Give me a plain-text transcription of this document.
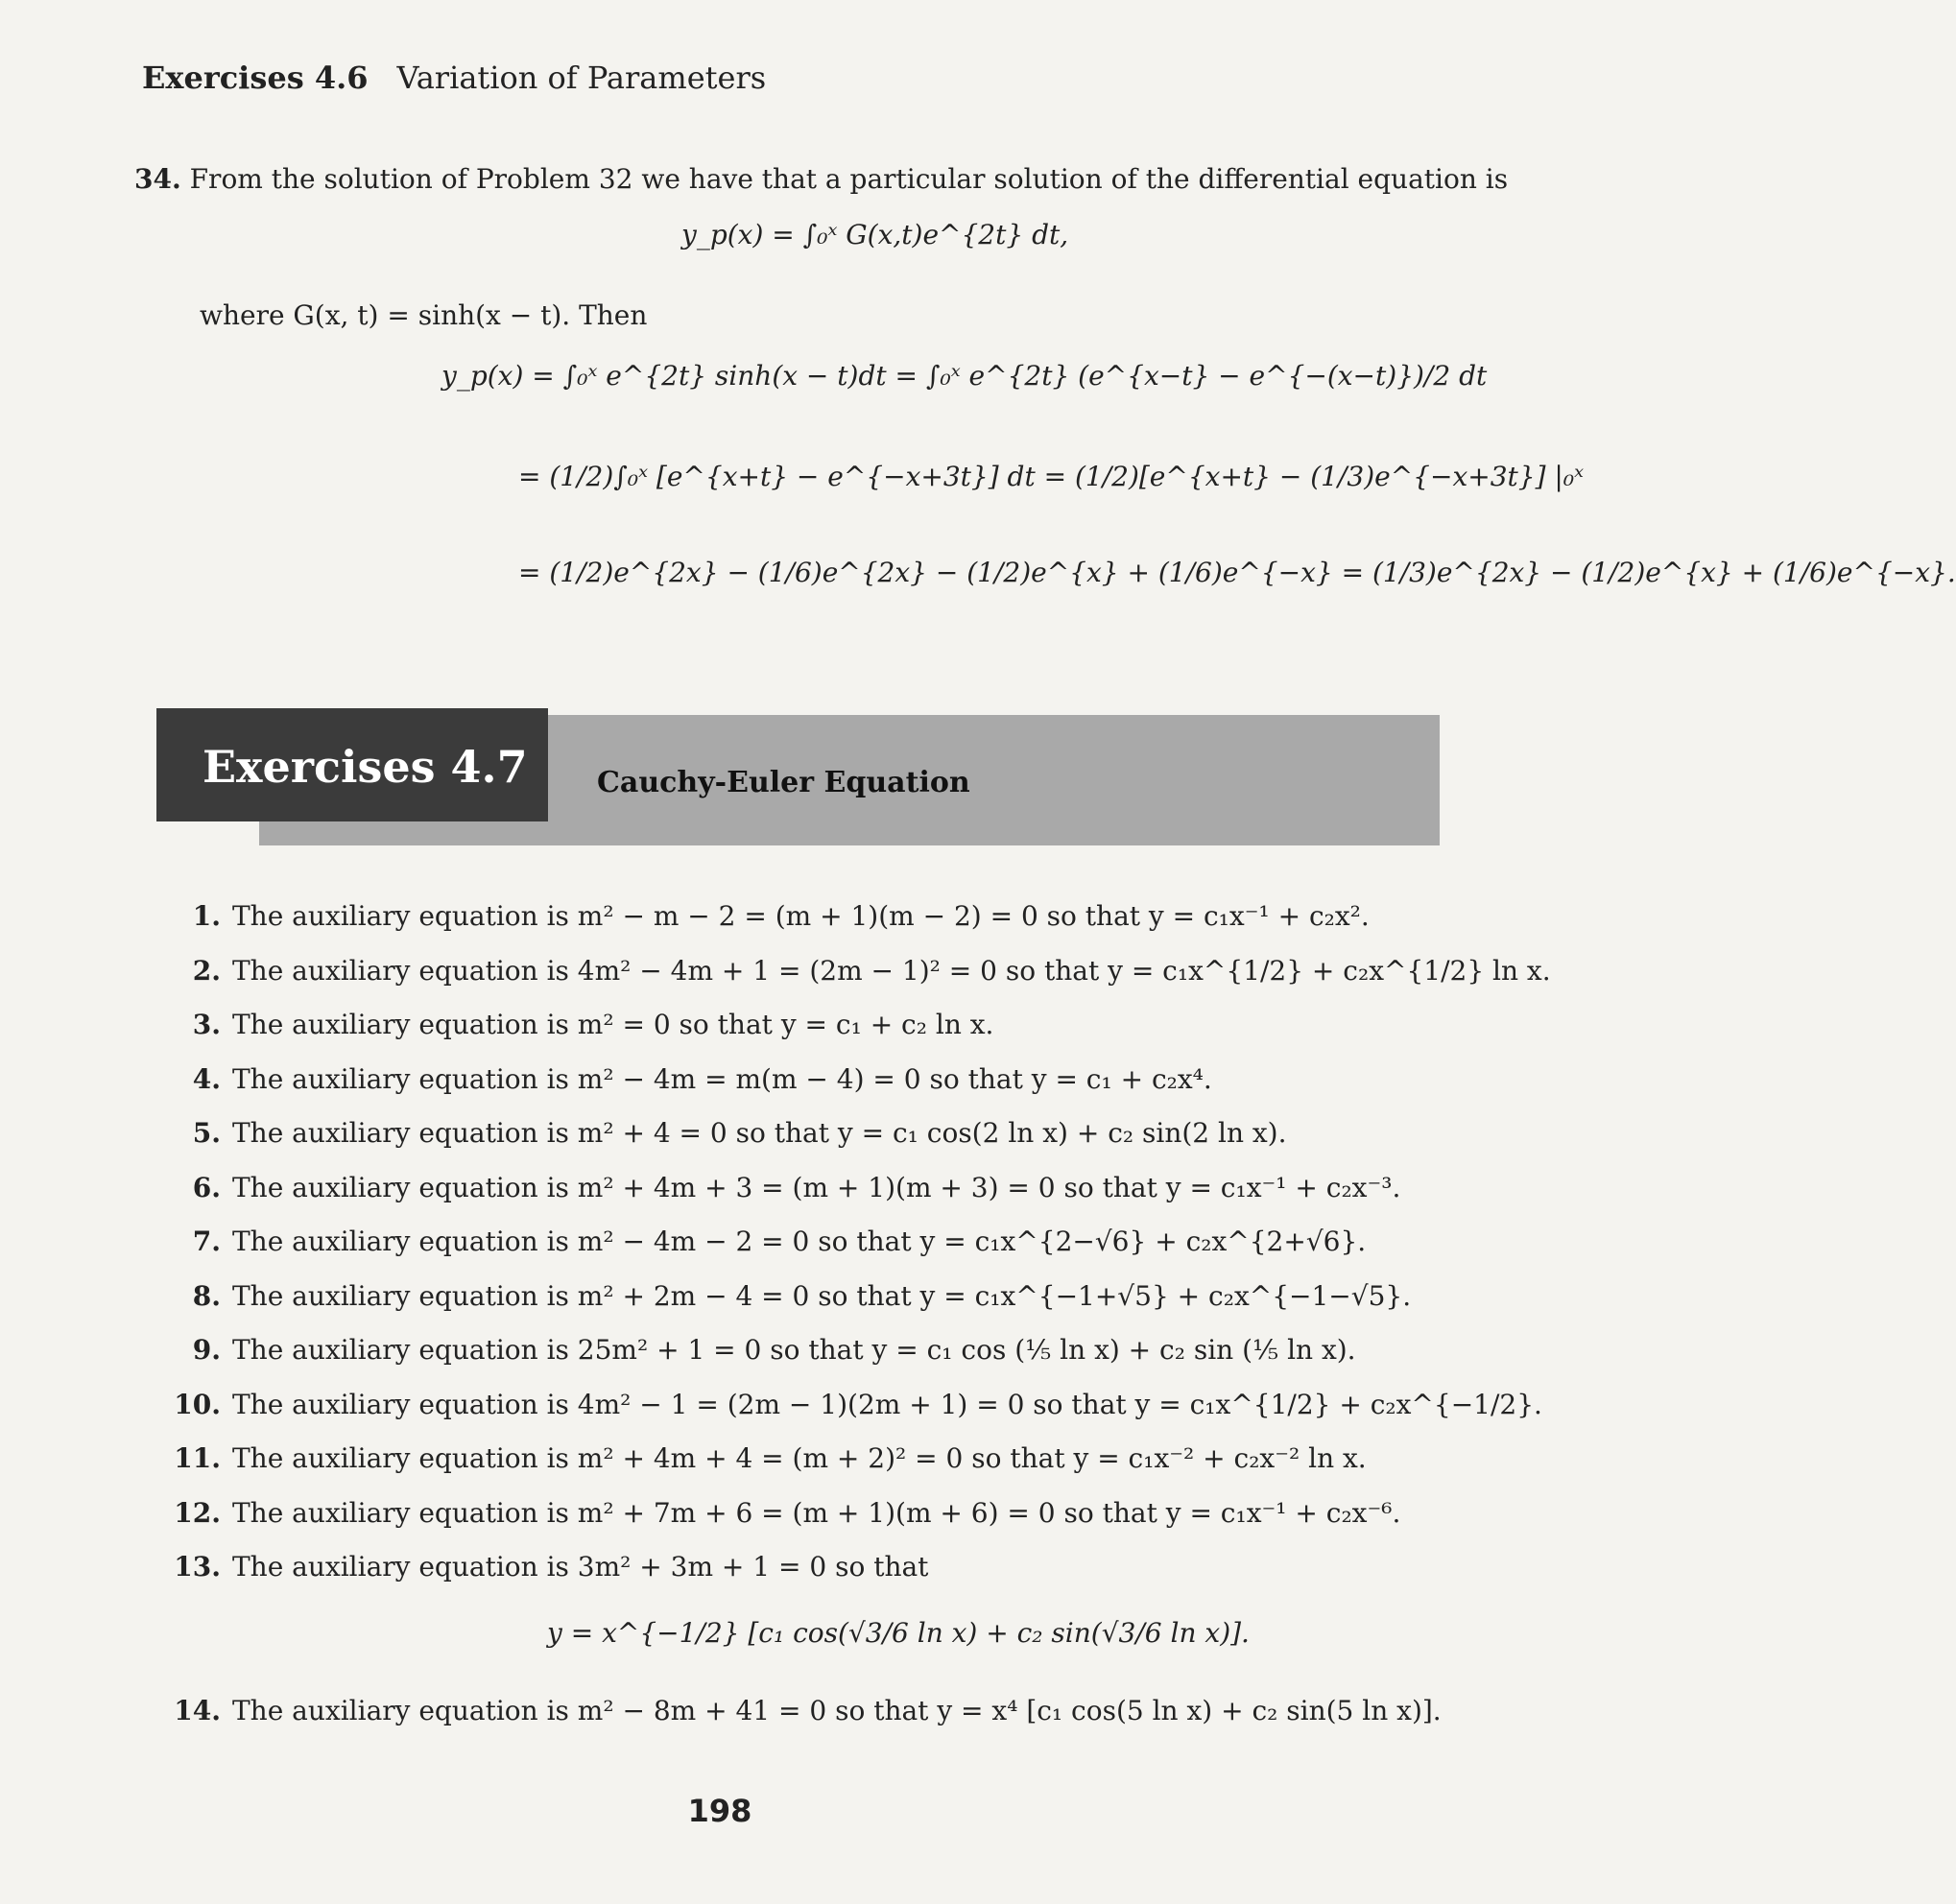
Exercises 4.6 Variation of Parameters
34. From the solution of Problem 32 we have that a particular solution of the differential equation is
y_p(x) = ∫₀ˣ G(x,t)e^{2t} dt,
where G(x, t) = sinh(x − t). Then
y_p(x) = ∫₀ˣ e^{2t} sinh(x − t)dt = ∫₀ˣ e^{2t} (e^{x−t} − e^{−(x−t)})/2 dt
= (1/2)∫₀ˣ [e^{x+t} − e^{−x+3t}] dt = (1/2)[e^{x+t} − (1/3)e^{−x+3t}] |₀ˣ
= (1/2)e^{2x} − (1/6)e^{2x} − (1/2)e^{x} + (1/6)e^{−x} = (1/3)e^{2x} − (1/2)e^{x} + (1/6)e^{−x}.
Exercises 4.7 Cauchy-Euler Equation
1. The auxiliary equation is m² − m − 2 = (m + 1)(m − 2) = 0 so that y = c₁x⁻¹ + c₂x².
2. The auxiliary equation is 4m² − 4m + 1 = (2m − 1)² = 0 so that y = c₁x^{1/2} + c₂x^{1/2} ln x.
3. The auxiliary equation is m² = 0 so that y = c₁ + c₂ ln x.
4. The auxiliary equation is m² − 4m = m(m − 4) = 0 so that y = c₁ + c₂x⁴.
5. The auxiliary equation is m² + 4 = 0 so that y = c₁ cos(2 ln x) + c₂ sin(2 ln x).
6. The auxiliary equation is m² + 4m + 3 = (m + 1)(m + 3) = 0 so that y = c₁x⁻¹ + c₂x⁻³.
7. The auxiliary equation is m² − 4m − 2 = 0 so that y = c₁x^{2−√6} + c₂x^{2+√6}.
8. The auxiliary equation is m² + 2m − 4 = 0 so that y = c₁x^{−1+√5} + c₂x^{−1−√5}.
9. The auxiliary equation is 25m² + 1 = 0 so that y = c₁ cos (⅕ ln x) + c₂ sin (⅕ ln x).
10. The auxiliary equation is 4m² − 1 = (2m − 1)(2m + 1) = 0 so that y = c₁x^{1/2} + c₂x^{−1/2}.
11. The auxiliary equation is m² + 4m + 4 = (m + 2)² = 0 so that y = c₁x⁻² + c₂x⁻² ln x.
12. The auxiliary equation is m² + 7m + 6 = (m + 1)(m + 6) = 0 so that y = c₁x⁻¹ + c₂x⁻⁶.
13. The auxiliary equation is 3m² + 3m + 1 = 0 so that
y = x^{−1/2} [c₁ cos(√3/6 ln x) + c₂ sin(√3/6 ln x)].
14. The auxiliary equation is m² − 8m + 41 = 0 so that y = x⁴ [c₁ cos(5 ln x) + c₂ sin(5 ln x)].
198
